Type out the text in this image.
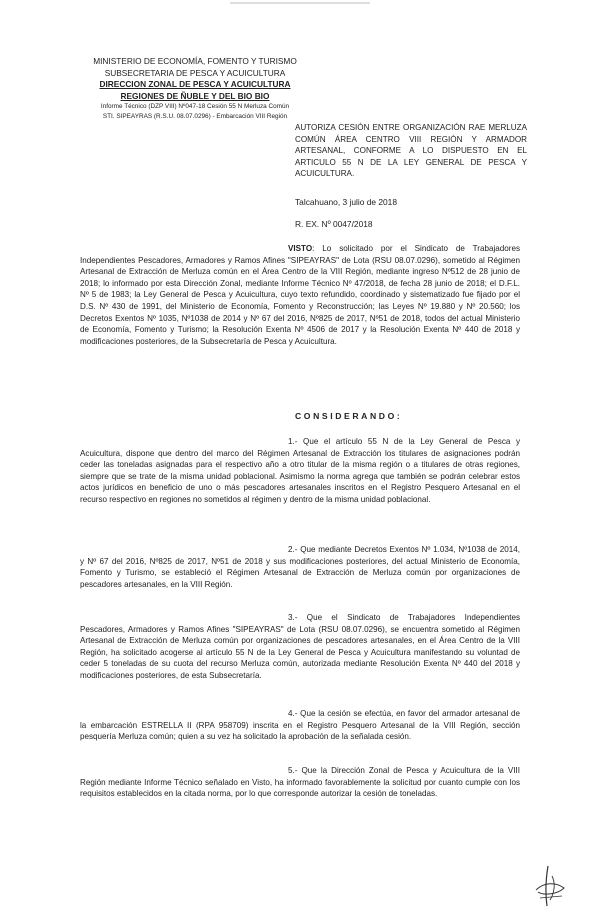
MINISTERIO DE ECONOMÍA, FOMENTO Y TURISMO
SUBSECRETARIA DE PESCA Y ACUICULTURA
DIRECCION ZONAL DE PESCA Y ACUICULTURA
REGIONES DE ÑUBLE Y DEL BIO BIO
Informe Técnico (DZP VIII) Nº047-18 Cesión 55 N Merluza Común
STI. SIPEAYRAS (R.S.U. 08.07.0296) - Embarcación VIII Región
AUTORIZA CESIÓN ENTRE ORGANIZACIÓN RAE MERLUZA COMÚN ÁREA CENTRO VIII REGIÓN Y ARMADOR ARTESANAL, CONFORME A LO DISPUESTO EN EL ARTICULO 55 N DE LA LEY GENERAL DE PESCA Y ACUICULTURA.
Talcahuano, 3 julio de 2018
R. EX. Nº 0047/2018
VISTO: Lo solicitado por el Sindicato de Trabajadores Independientes Pescadores, Armadores y Ramos Afines "SIPEAYRAS" de Lota (RSU 08.07.0296), sometido al Régimen Artesanal de Extracción de Merluza común en el Área Centro de la VIII Región, mediante ingreso Nº512 de 28 junio de 2018; lo informado por esta Dirección Zonal, mediante Informe Técnico Nº 47/2018, de fecha 28 junio de 2018; el D.F.L. Nº 5 de 1983; la Ley General de Pesca y Acuicultura, cuyo texto refundido, coordinado y sistematizado fue fijado por el D.S. Nº 430 de 1991, del Ministerio de Economía, Fomento y Reconstrucción; las Leyes Nº 19.880 y Nº 20.560; los Decretos Exentos Nº 1035, Nº1038 de 2014 y Nº 67 del 2016, Nº825 de 2017, Nº51 de 2018, todos del actual Ministerio de Economía, Fomento y Turismo; la Resolución Exenta Nº 4506 de 2017 y la Resolución Exenta Nº 440 de 2018 y modificaciones posteriores, de la Subsecretaría de Pesca y Acuicultura.
CONSIDERANDO:
1.- Que el artículo 55 N de la Ley General de Pesca y Acuicultura, dispone que dentro del marco del Régimen Artesanal de Extracción los titulares de asignaciones podrán ceder las toneladas asignadas para el respectivo año a otro titular de la misma región o a titulares de otras regiones, siempre que se trate de la misma unidad poblacional. Asimismo la norma agrega que también se podrán celebrar estos actos jurídicos en beneficio de uno o más pescadores artesanales inscritos en el Registro Pesquero Artesanal en el recurso respectivo en regiones no sometidos al régimen y dentro de la misma unidad poblacional.
2.- Que mediante Decretos Exentos Nº 1.034, Nº1038 de 2014, y Nº 67 del 2016, Nº825 de 2017, Nº51 de 2018 y sus modificaciones posteriores, del actual Ministerio de Economía, Fomento y Turismo, se estableció el Régimen Artesanal de Extracción de Merluza común por organizaciones de pescadores artesanales, en la VIII Región.
3.- Que el Sindicato de Trabajadores Independientes Pescadores, Armadores y Ramos Afines "SIPEAYRAS" de Lota (RSU 08.07.0296), se encuentra sometido al Régimen Artesanal de Extracción de Merluza común por organizaciones de pescadores artesanales, en el Área Centro de la VIII Región, ha solicitado acogerse al artículo 55 N de la Ley General de Pesca y Acuicultura manifestando su voluntad de ceder 5 toneladas de su cuota del recurso Merluza común, autorizada mediante Resolución Exenta Nº 440 del 2018 y modificaciones posteriores, de esta Subsecretaría.
4.- Que la cesión se efectúa, en favor del armador artesanal de la embarcación ESTRELLA II (RPA 958709) inscrita en el Registro Pesquero Artesanal de la VIII Región, sección pesquería Merluza común; quien a su vez ha solicitado la aprobación de la señalada cesión.
5.- Que la Dirección Zonal de Pesca y Acuicultura de la VIII Región mediante Informe Técnico señalado en Visto, ha informado favorablemente la solicitud por cuanto cumple con los requisitos establecidos en la citada norma, por lo que corresponde autorizar la cesión de toneladas.
